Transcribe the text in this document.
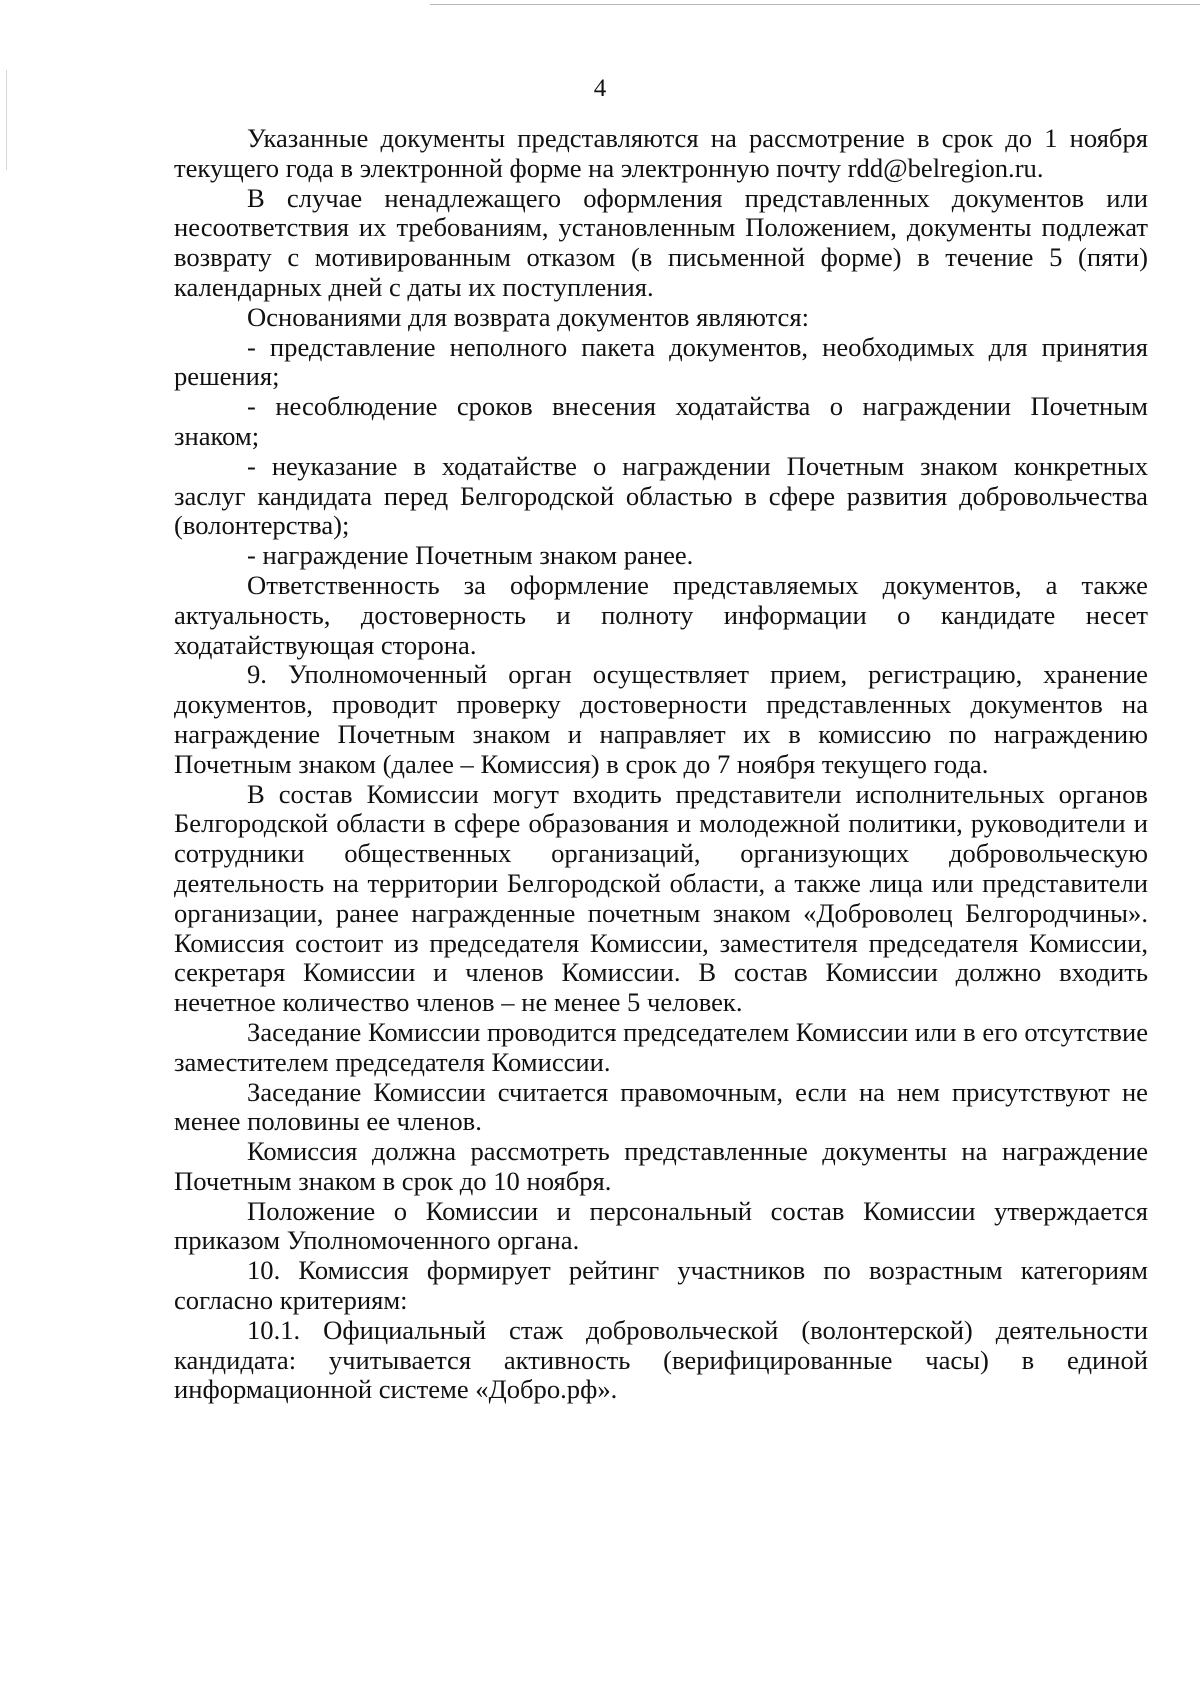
4

Указанные документы представляются на рассмотрение в срок до 1 ноября текущего года в электронной форме на электронную почту rdd@belregion.ru.

В случае ненадлежащего оформления представленных документов или несоответствия их требованиям, установленным Положением, документы подлежат возврату с мотивированным отказом (в письменной форме) в течение 5 (пяти) календарных дней с даты их поступления.

Основаниями для возврата документов являются:

- представление неполного пакета документов, необходимых для принятия решения;

- несоблюдение сроков внесения ходатайства о награждении Почетным знаком;

- неуказание в ходатайстве о награждении Почетным знаком конкретных заслуг кандидата перед Белгородской областью в сфере развития добровольчества (волонтерства);

- награждение Почетным знаком ранее.

Ответственность за оформление представляемых документов, а также актуальность, достоверность и полноту информации о кандидате несет ходатайствующая сторона.

9. Уполномоченный орган осуществляет прием, регистрацию, хранение документов, проводит проверку достоверности представленных документов на награждение Почетным знаком и направляет их в комиссию по награждению Почетным знаком (далее – Комиссия) в срок до 7 ноября текущего года.

В состав Комиссии могут входить представители исполнительных органов Белгородской области в сфере образования и молодежной политики, руководители и сотрудники общественных организаций, организующих добровольческую деятельность на территории Белгородской области, а также лица или представители организации, ранее награжденные почетным знаком «Доброволец Белгородчины». Комиссия состоит из председателя Комиссии, заместителя председателя Комиссии, секретаря Комиссии и членов Комиссии. В состав Комиссии должно входить нечетное количество членов – не менее 5 человек.

Заседание Комиссии проводится председателем Комиссии или в его отсутствие заместителем председателя Комиссии.

Заседание Комиссии считается правомочным, если на нем присутствуют не менее половины ее членов.

Комиссия должна рассмотреть представленные документы на награждение Почетным знаком в срок до 10 ноября.

Положение о Комиссии и персональный состав Комиссии утверждается приказом Уполномоченного органа.

10. Комиссия формирует рейтинг участников по возрастным категориям согласно критериям:

10.1. Официальный стаж добровольческой (волонтерской) деятельности кандидата: учитывается активность (верифицированные часы) в единой информационной системе «Добро.рф».
